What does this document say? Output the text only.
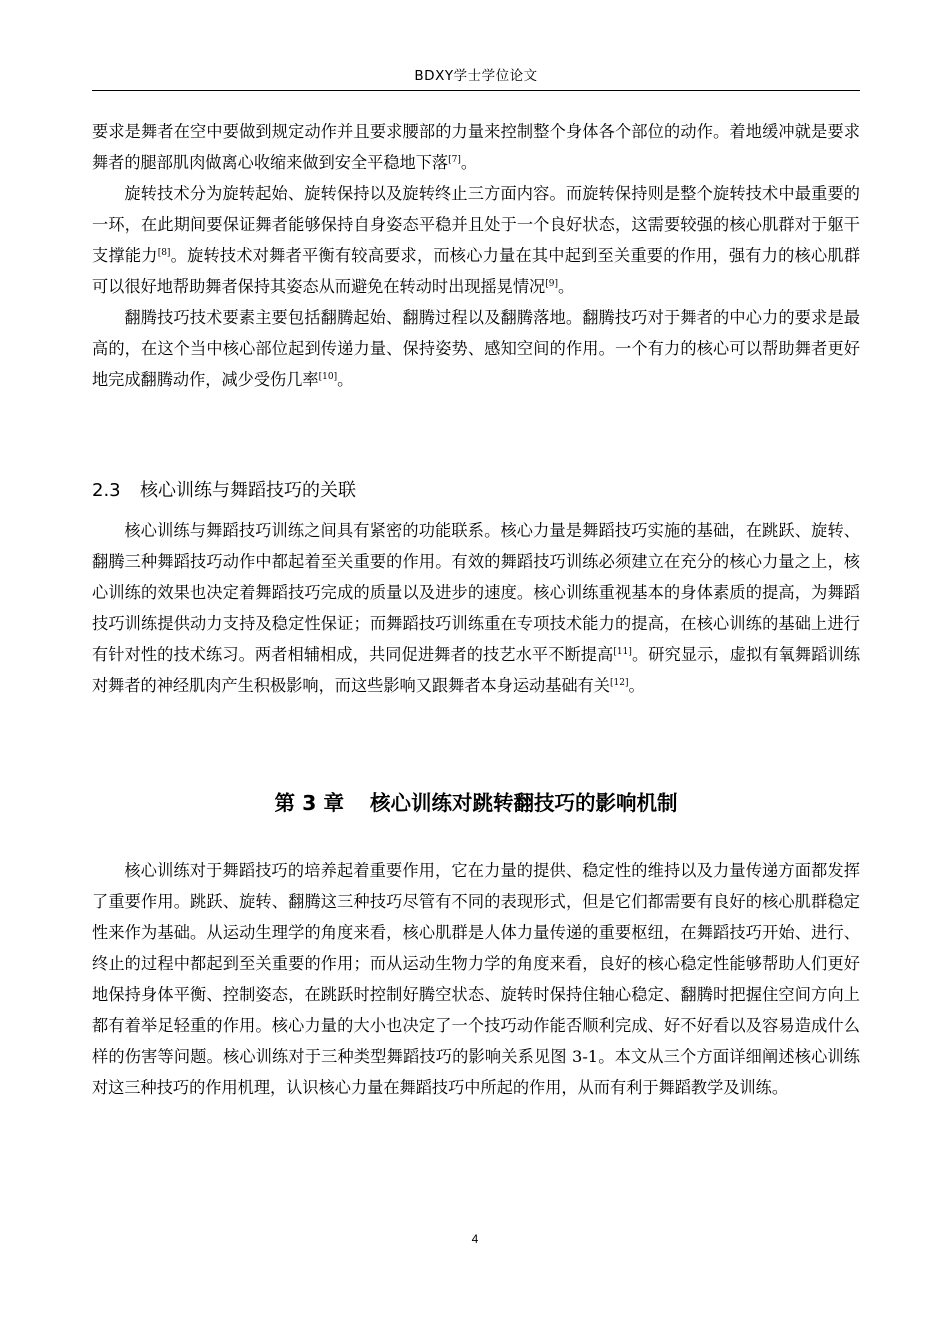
BDXY学士学位论文

要求是舞者在空中要做到规定动作并且要求腰部的力量来控制整个身体各个部位的动作。着地缓冲就是要求舞者的腿部肌肉做离心收缩来做到安全平稳地下落[7]。

旋转技术分为旋转起始、旋转保持以及旋转终止三方面内容。而旋转保持则是整个旋转技术中最重要的一环，在此期间要保证舞者能够保持自身姿态平稳并且处于一个良好状态，这需要较强的核心肌群对于躯干支撑能力[8]。旋转技术对舞者平衡有较高要求，而核心力量在其中起到至关重要的作用，强有力的核心肌群可以很好地帮助舞者保持其姿态从而避免在转动时出现摇晃情况[9]。

翻腾技巧技术要素主要包括翻腾起始、翻腾过程以及翻腾落地。翻腾技巧对于舞者的中心力的要求是最高的，在这个当中核心部位起到传递力量、保持姿势、感知空间的作用。一个有力的核心可以帮助舞者更好地完成翻腾动作，减少受伤几率[10]。

2.3 核心训练与舞蹈技巧的关联

核心训练与舞蹈技巧训练之间具有紧密的功能联系。核心力量是舞蹈技巧实施的基础，在跳跃、旋转、翻腾三种舞蹈技巧动作中都起着至关重要的作用。有效的舞蹈技巧训练必须建立在充分的核心力量之上，核心训练的效果也决定着舞蹈技巧完成的质量以及进步的速度。核心训练重视基本的身体素质的提高，为舞蹈技巧训练提供动力支持及稳定性保证；而舞蹈技巧训练重在专项技术能力的提高，在核心训练的基础上进行有针对性的技术练习。两者相辅相成，共同促进舞者的技艺水平不断提高[11]。研究显示，虚拟有氧舞蹈训练对舞者的神经肌肉产生积极影响，而这些影响又跟舞者本身运动基础有关[12]。

第 3 章 核心训练对跳转翻技巧的影响机制

核心训练对于舞蹈技巧的培养起着重要作用，它在力量的提供、稳定性的维持以及力量传递方面都发挥了重要作用。跳跃、旋转、翻腾这三种技巧尽管有不同的表现形式，但是它们都需要有良好的核心肌群稳定性来作为基础。从运动生理学的角度来看，核心肌群是人体力量传递的重要枢纽，在舞蹈技巧开始、进行、终止的过程中都起到至关重要的作用；而从运动生物力学的角度来看，良好的核心稳定性能够帮助人们更好地保持身体平衡、控制姿态，在跳跃时控制好腾空状态、旋转时保持住轴心稳定、翻腾时把握住空间方向上都有着举足轻重的作用。核心力量的大小也决定了一个技巧动作能否顺利完成、好不好看以及容易造成什么样的伤害等问题。核心训练对于三种类型舞蹈技巧的影响关系见图 3-1。本文从三个方面详细阐述核心训练对这三种技巧的作用机理，认识核心力量在舞蹈技巧中所起的作用，从而有利于舞蹈教学及训练。

4
